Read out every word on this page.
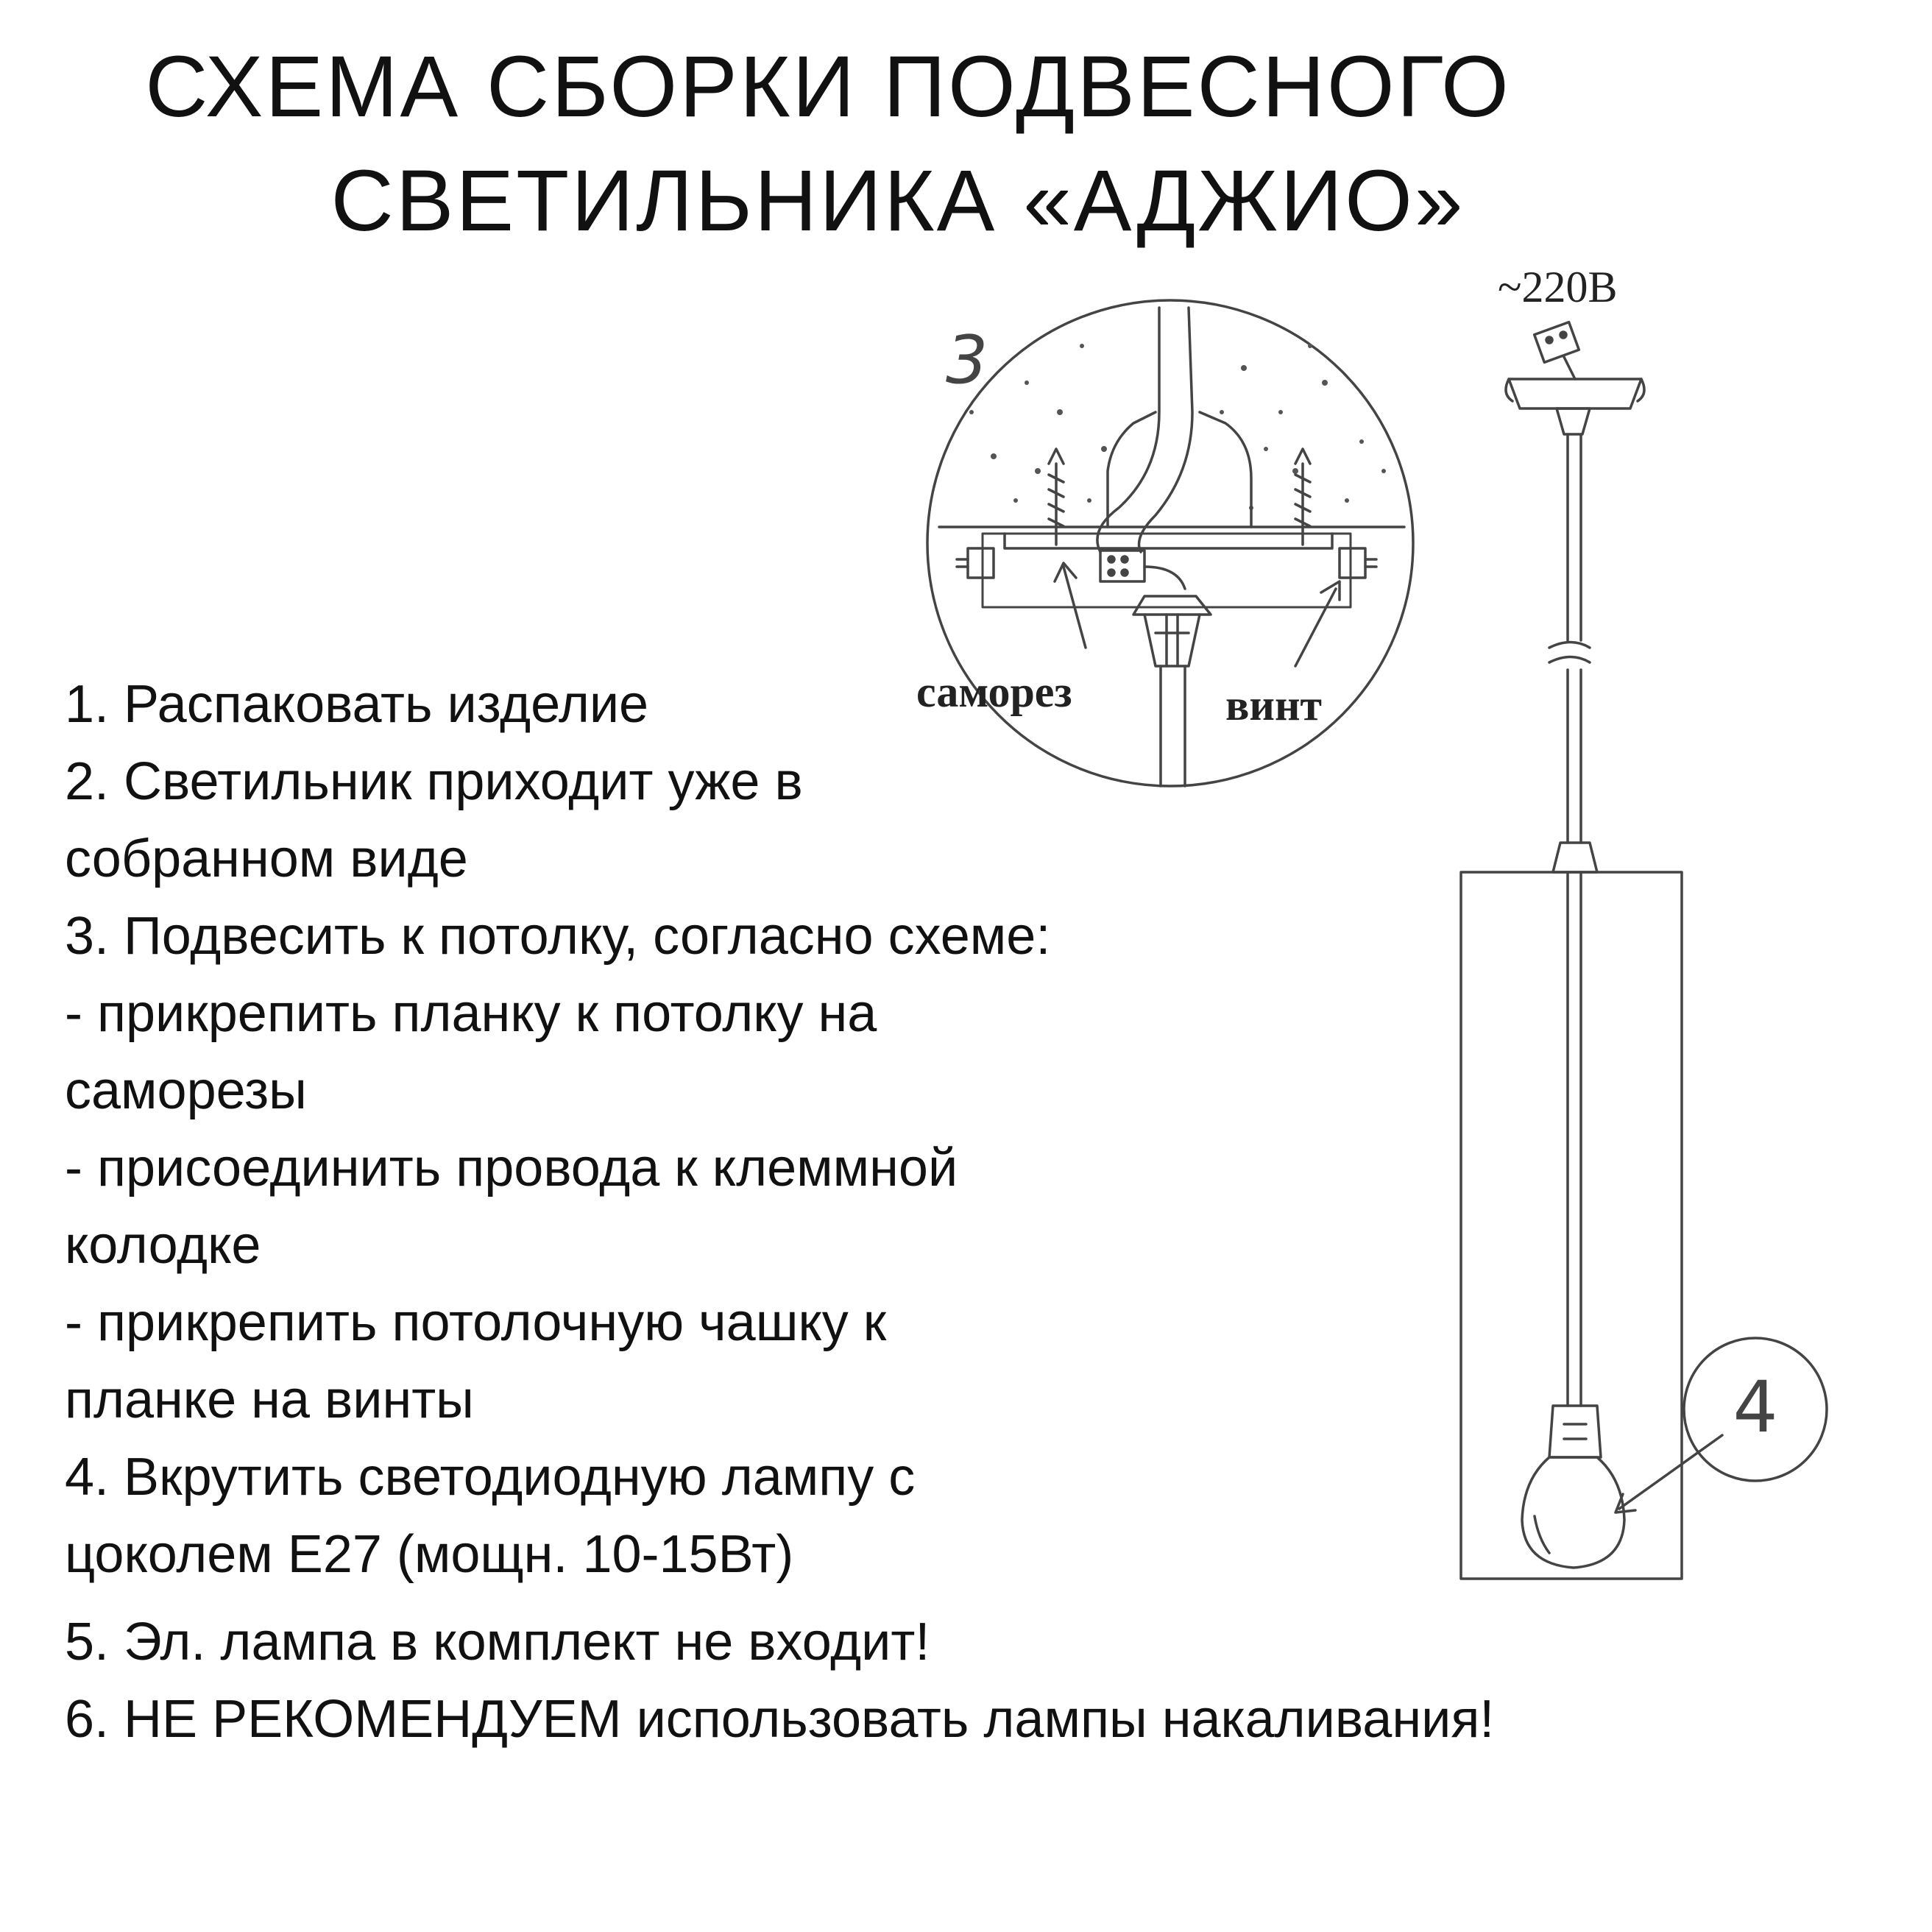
СХЕМА СБОРКИ ПОДВЕСНОГО
СВЕТИЛЬНИКА «АДЖИО»
3
4
~220В
саморез	винт
1. Распаковать изделие
2. Светильник приходит уже в
собранном виде
3. Подвесить к потолку, согласно схеме:
- прикрепить планку к потолку на
саморезы
- присоединить провода к клеммной
колодке
- прикрепить потолочную чашку к
планке на винты
4. Вкрутить светодиодную лампу с
цоколем Е27 (мощн. 10-15Вт)
5. Эл. лампа в комплект не входит!
6. НЕ РЕКОМЕНДУЕМ использовать лампы накаливания!
